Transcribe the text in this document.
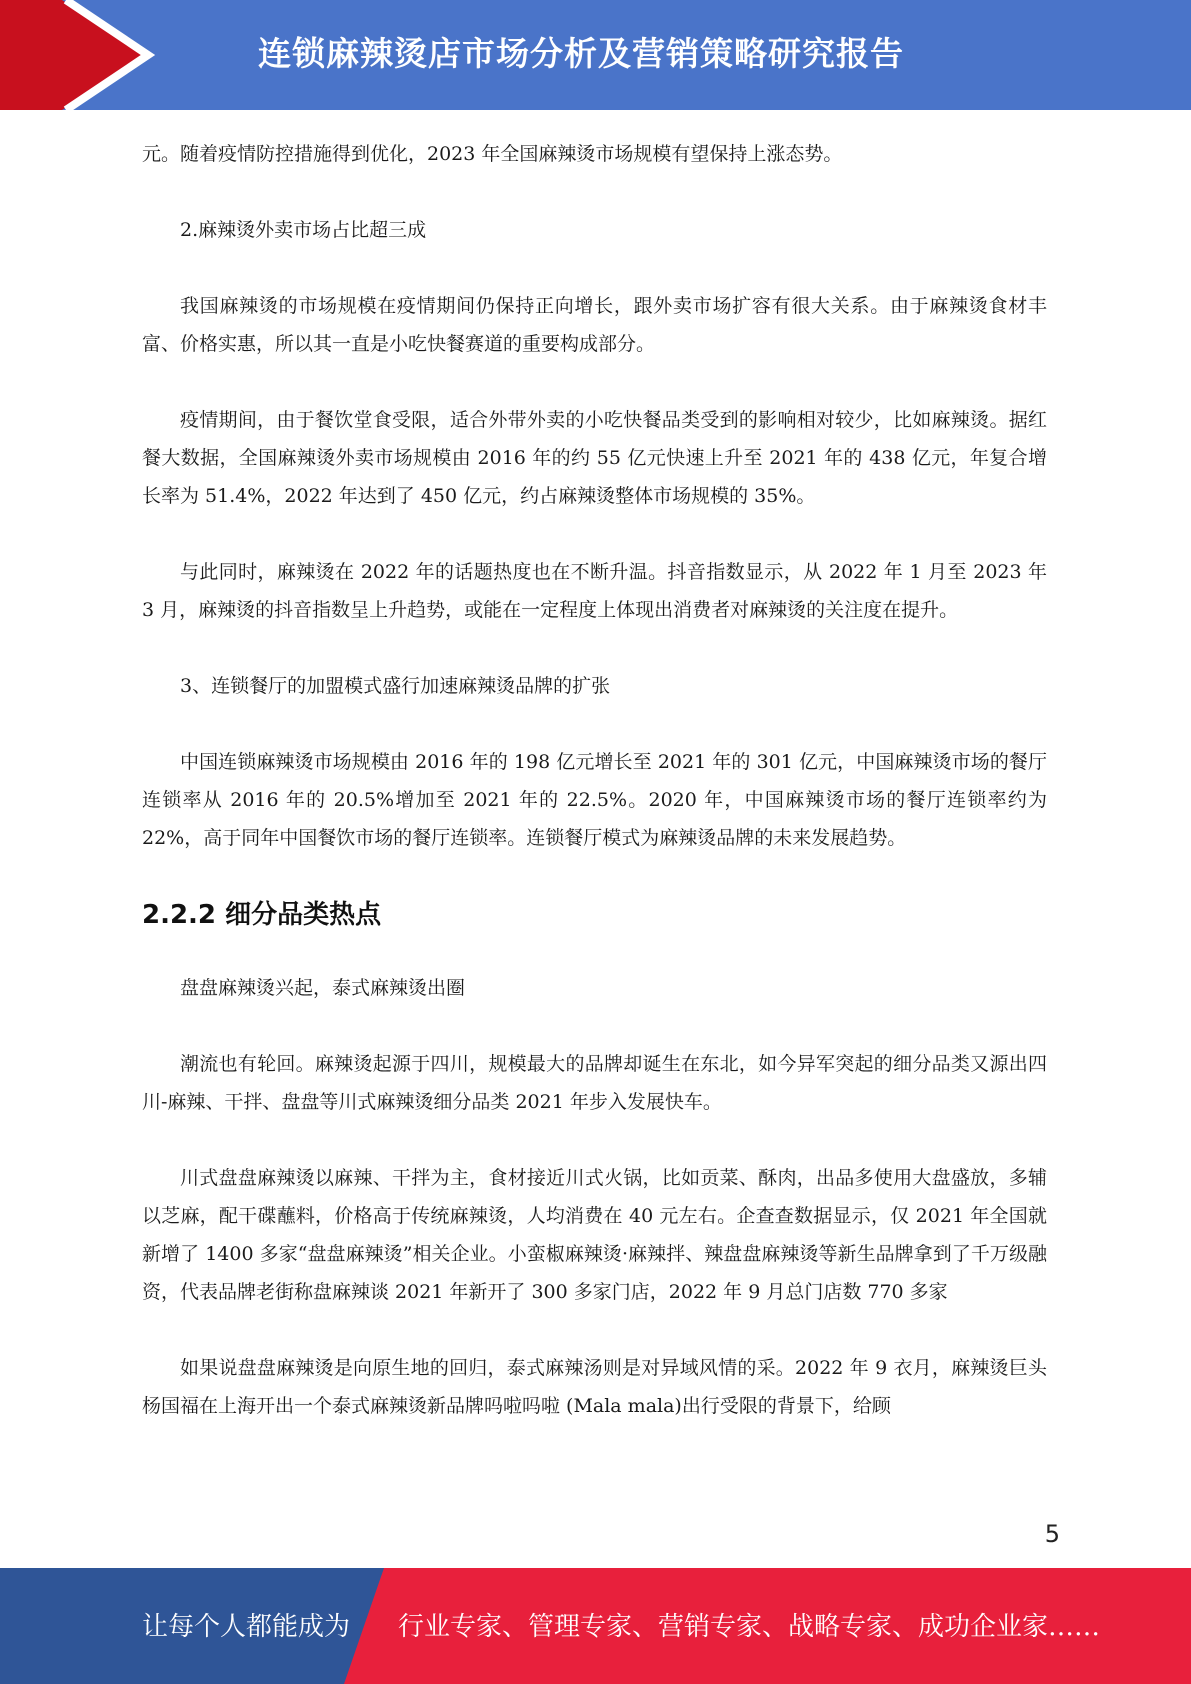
连锁麻辣烫店市场分析及营销策略研究报告

元。随着疫情防控措施得到优化，2023 年全国麻辣烫市场规模有望保持上涨态势。

2.麻辣烫外卖市场占比超三成

我国麻辣烫的市场规模在疫情期间仍保持正向增长，跟外卖市场扩容有很大关系。由于麻辣烫食材丰富、价格实惠，所以其一直是小吃快餐赛道的重要构成部分。

疫情期间，由于餐饮堂食受限，适合外带外卖的小吃快餐品类受到的影响相对较少，比如麻辣烫。据红餐大数据，全国麻辣烫外卖市场规模由 2016 年的约 55 亿元快速上升至 2021 年的 438 亿元，年复合增长率为 51.4%，2022 年达到了 450 亿元，约占麻辣烫整体市场规模的 35%。

与此同时，麻辣烫在 2022 年的话题热度也在不断升温。抖音指数显示，从 2022 年 1 月至 2023 年 3 月，麻辣烫的抖音指数呈上升趋势，或能在一定程度上体现出消费者对麻辣烫的关注度在提升。

3、连锁餐厅的加盟模式盛行加速麻辣烫品牌的扩张

中国连锁麻辣烫市场规模由 2016 年的 198 亿元增长至 2021 年的 301 亿元，中国麻辣烫市场的餐厅连锁率从 2016 年的 20.5%增加至 2021 年的 22.5%。2020 年，中国麻辣烫市场的餐厅连锁率约为 22%，高于同年中国餐饮市场的餐厅连锁率。连锁餐厅模式为麻辣烫品牌的未来发展趋势。

2.2.2 细分品类热点

盘盘麻辣烫兴起，泰式麻辣烫出圈

潮流也有轮回。麻辣烫起源于四川，规模最大的品牌却诞生在东北，如今异军突起的细分品类又源出四川-麻辣、干拌、盘盘等川式麻辣烫细分品类 2021 年步入发展快车。

川式盘盘麻辣烫以麻辣、干拌为主，食材接近川式火锅，比如贡菜、酥肉，出品多使用大盘盛放，多辅以芝麻，配干碟蘸料，价格高于传统麻辣烫，人均消费在 40 元左右。企查查数据显示，仅 2021 年全国就新增了 1400 多家“盘盘麻辣烫”相关企业。小蛮椒麻辣烫·麻辣拌、辣盘盘麻辣烫等新生品牌拿到了千万级融资，代表品牌老街称盘麻辣谈 2021 年新开了 300 多家门店，2022 年 9 月总门店数 770 多家

如果说盘盘麻辣烫是向原生地的回归，泰式麻辣汤则是对异域风情的采。2022 年 9 衣月，麻辣烫巨头杨国福在上海开出一个泰式麻辣烫新品牌吗啦吗啦 (Mala mala)出行受限的背景下，给顾

5
让每个人都能成为 行业专家、管理专家、营销专家、战略专家、成功企业家……
